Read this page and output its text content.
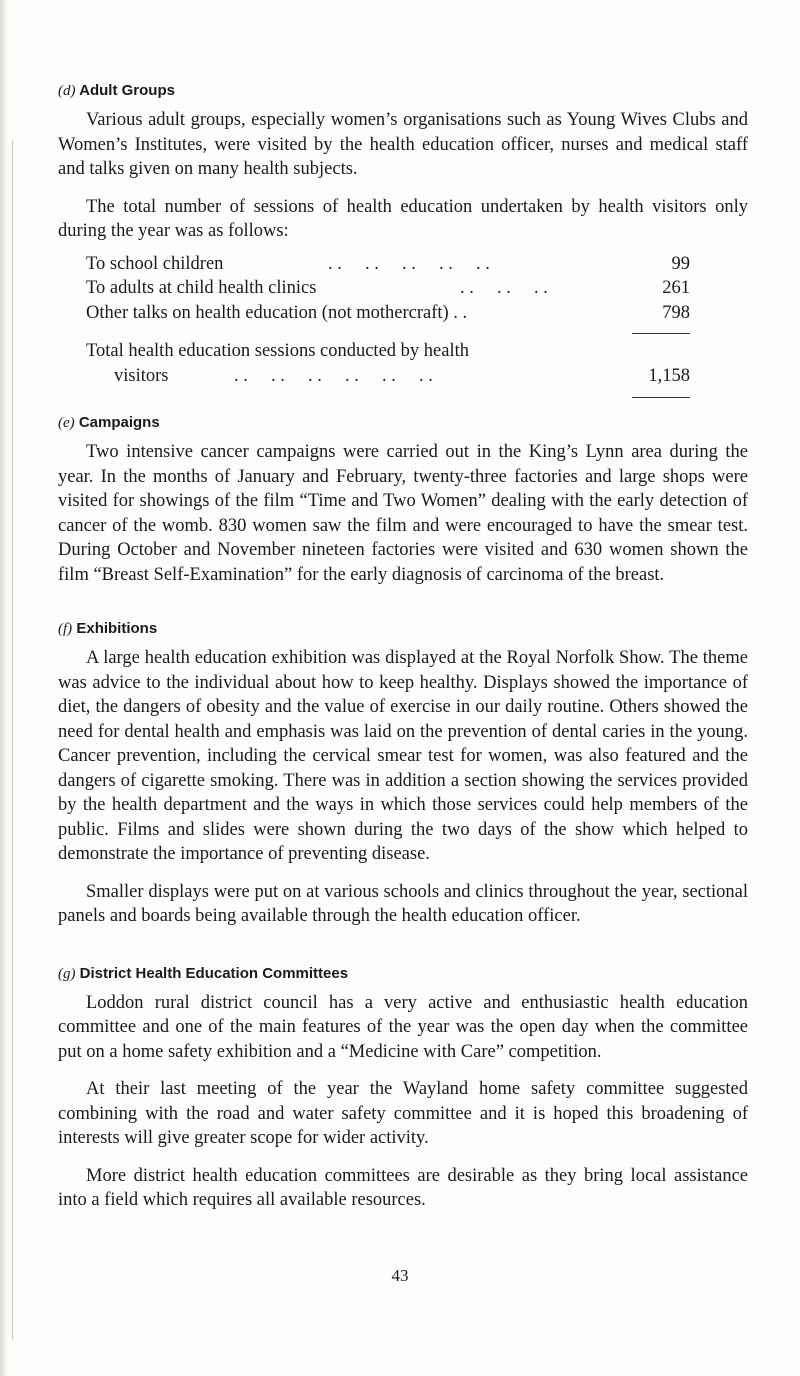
(d) Adult Groups

Various adult groups, especially women’s organisations such as Young Wives Clubs and Women’s Institutes, were visited by the health education officer, nurses and medical staff and talks given on many health subjects.

The total number of sessions of health education undertaken by health visitors only during the year was as follows:

To school children	. .     . .     . .     . .     . .	99
To adults at child health clinics	. .     . .     . .	261
Other talks on health education (not mothercraft) . .	798
Total health education sessions conducted by health
visitors	. .     . .     . .     . .     . .     . .	1,158
(e) Campaigns

Two intensive cancer campaigns were carried out in the King’s Lynn area during the year. In the months of January and February, twenty-three factories and large shops were visited for showings of the film “Time and Two Women” dealing with the early detection of cancer of the womb. 830 women saw the film and were encouraged to have the smear test. During October and November nineteen factories were visited and 630 women shown the film “Breast Self-Examination” for the early diagnosis of carcinoma of the breast.

(f) Exhibitions

A large health education exhibition was displayed at the Royal Norfolk Show. The theme was advice to the individual about how to keep healthy. Displays showed the importance of diet, the dangers of obesity and the value of exercise in our daily routine. Others showed the need for dental health and emphasis was laid on the prevention of dental caries in the young. Cancer prevention, including the cervical smear test for women, was also featured and the dangers of cigarette smoking. There was in addition a section showing the services provided by the health department and the ways in which those services could help members of the public. Films and slides were shown during the two days of the show which helped to demonstrate the importance of preventing disease.

Smaller displays were put on at various schools and clinics throughout the year, sectional panels and boards being available through the health education officer.

(g) District Health Education Committees

Loddon rural district council has a very active and enthusiastic health education committee and one of the main features of the year was the open day when the committee put on a home safety exhibition and a “Medicine with Care” competition.

At their last meeting of the year the Wayland home safety committee suggested combining with the road and water safety committee and it is hoped this broadening of interests will give greater scope for wider activity.

More district health education committees are desirable as they bring local assistance into a field which requires all available resources.

43
